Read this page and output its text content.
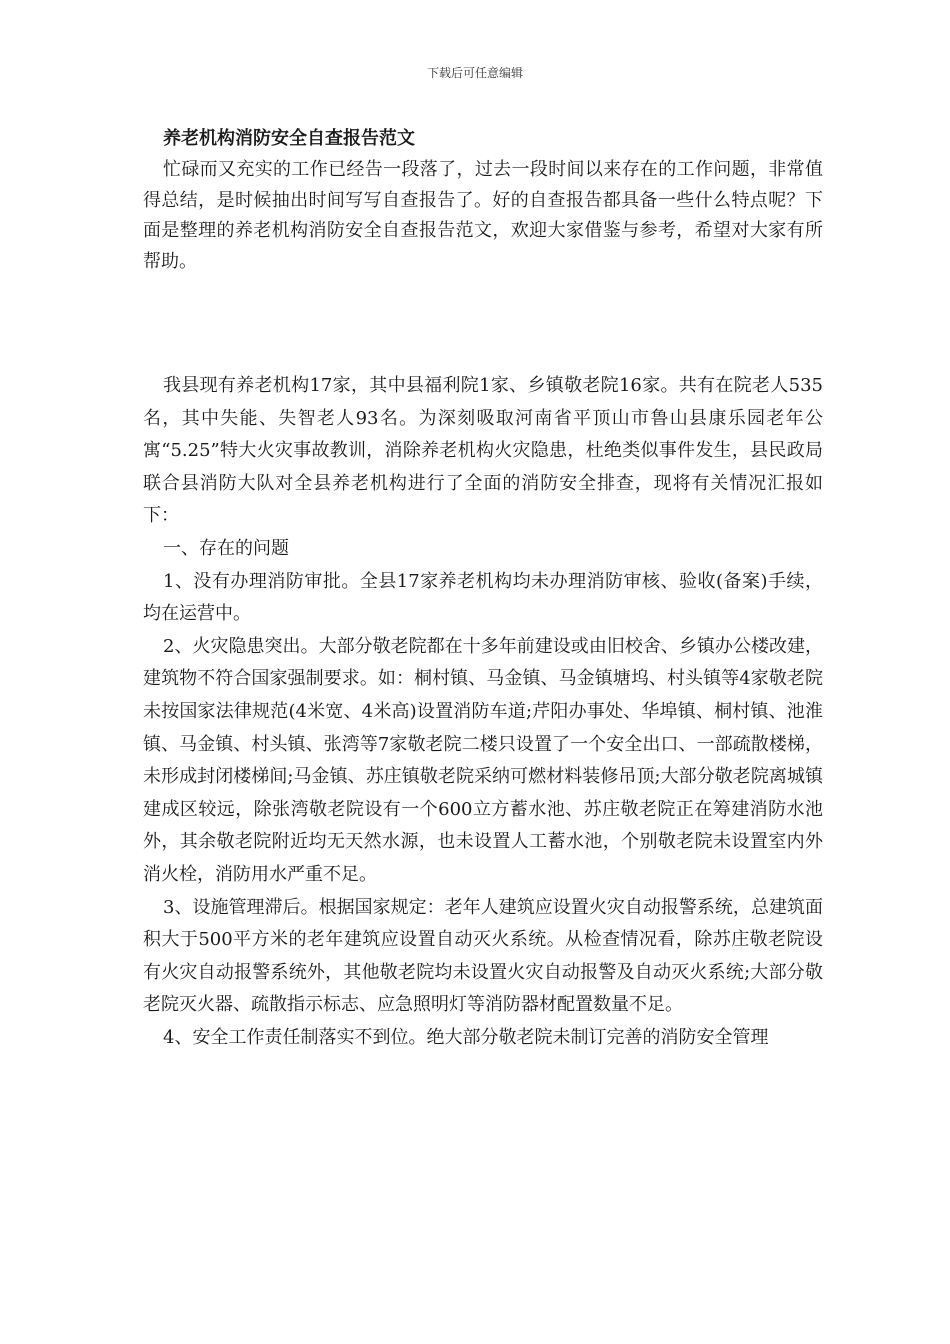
下载后可任意编辑
养老机构消防安全自查报告范文

忙碌而又充实的工作已经告一段落了，过去一段时间以来存在的工作问题，非常值得总结，是时候抽出时间写写自查报告了。好的自查报告都具备一些什么特点呢？下面是整理的养老机构消防安全自查报告范文，欢迎大家借鉴与参考，希望对大家有所帮助。

我县现有养老机构17家，其中县福利院1家、乡镇敬老院16家。共有在院老人535名，其中失能、失智老人93名。为深刻吸取河南省平顶山市鲁山县康乐园老年公寓“5.25”特大火灾事故教训，消除养老机构火灾隐患，杜绝类似事件发生，县民政局联合县消防大队对全县养老机构进行了全面的消防安全排查，现将有关情况汇报如下：

一、存在的问题

1、没有办理消防审批。全县17家养老机构均未办理消防审核、验收(备案)手续，均在运营中。

2、火灾隐患突出。大部分敬老院都在十多年前建设或由旧校舍、乡镇办公楼改建，建筑物不符合国家强制要求。如：桐村镇、马金镇、马金镇塘坞、村头镇等4家敬老院未按国家法律规范(4米宽、4米高)设置消防车道;芹阳办事处、华埠镇、桐村镇、池淮镇、马金镇、村头镇、张湾等7家敬老院二楼只设置了一个安全出口、一部疏散楼梯，未形成封闭楼梯间;马金镇、苏庄镇敬老院采纳可燃材料装修吊顶;大部分敬老院离城镇建成区较远，除张湾敬老院设有一个600立方蓄水池、苏庄敬老院正在筹建消防水池外，其余敬老院附近均无天然水源，也未设置人工蓄水池，个别敬老院未设置室内外消火栓，消防用水严重不足。

3、设施管理滞后。根据国家规定：老年人建筑应设置火灾自动报警系统，总建筑面积大于500平方米的老年建筑应设置自动灭火系统。从检查情况看，除苏庄敬老院设有火灾自动报警系统外，其他敬老院均未设置火灾自动报警及自动灭火系统;大部分敬老院灭火器、疏散指示标志、应急照明灯等消防器材配置数量不足。

4、安全工作责任制落实不到位。绝大部分敬老院未制订完善的消防安全管理
